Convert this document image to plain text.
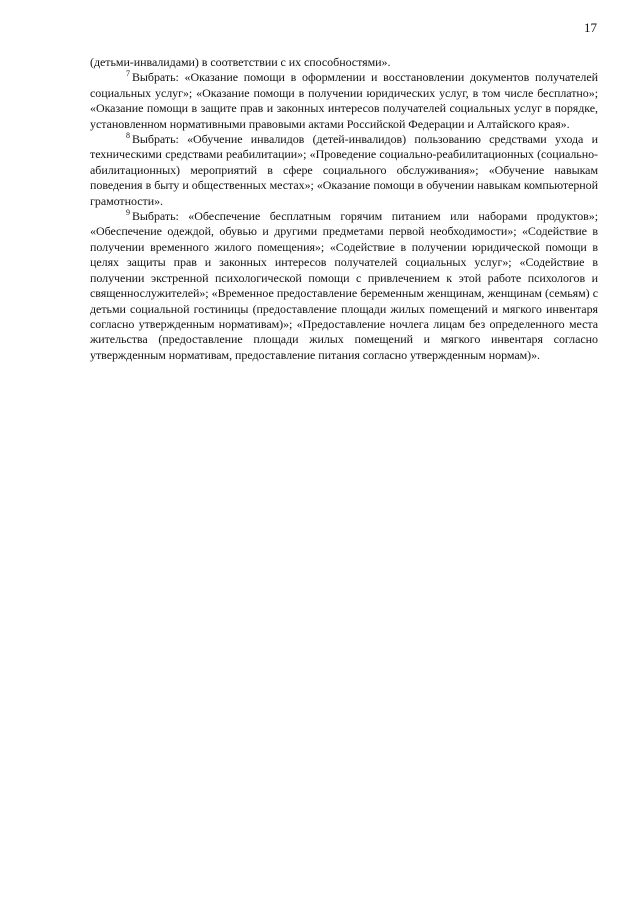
17

(детьми-инвалидами) в соответствии с их способностями».

$^7$ Выбрать: «Оказание помощи в оформлении и восстановлении документов получателей социальных услуг»; «Оказание помощи в получении юридических услуг, в том числе бесплатно»; «Оказание помощи в защите прав и законных интересов получателей социальных услуг в порядке, установленном нормативными правовыми актами Российской Федерации и Алтайского края».

$^8$ Выбрать: «Обучение инвалидов (детей-инвалидов) пользованию средствами ухода и техническими средствами реабилитации»; «Проведение социально-реабилитационных (социально-абилитационных) мероприятий в сфере социального обслуживания»; «Обучение навыкам поведения в быту и общественных местах»; «Оказание помощи в обучении навыкам компьютерной грамотности».

$^9$ Выбрать: «Обеспечение бесплатным горячим питанием или наборами продуктов»; «Обеспечение одеждой, обувью и другими предметами первой необходимости»; «Содействие в получении временного жилого помещения»; «Содействие в получении юридической помощи в целях защиты прав и законных интересов получателей социальных услуг»; «Содействие в получении экстренной психологической помощи с привлечением к этой работе психологов и священнослужителей»; «Временное предоставление беременным женщинам, женщинам (семьям) с детьми социальной гостиницы (предоставление площади жилых помещений и мягкого инвентаря согласно утвержденным нормативам)»; «Предоставление ночлега лицам без определенного места жительства (предоставление площади жилых помещений и мягкого инвентаря согласно утвержденным нормативам, предоставление питания согласно утвержденным нормам)».
